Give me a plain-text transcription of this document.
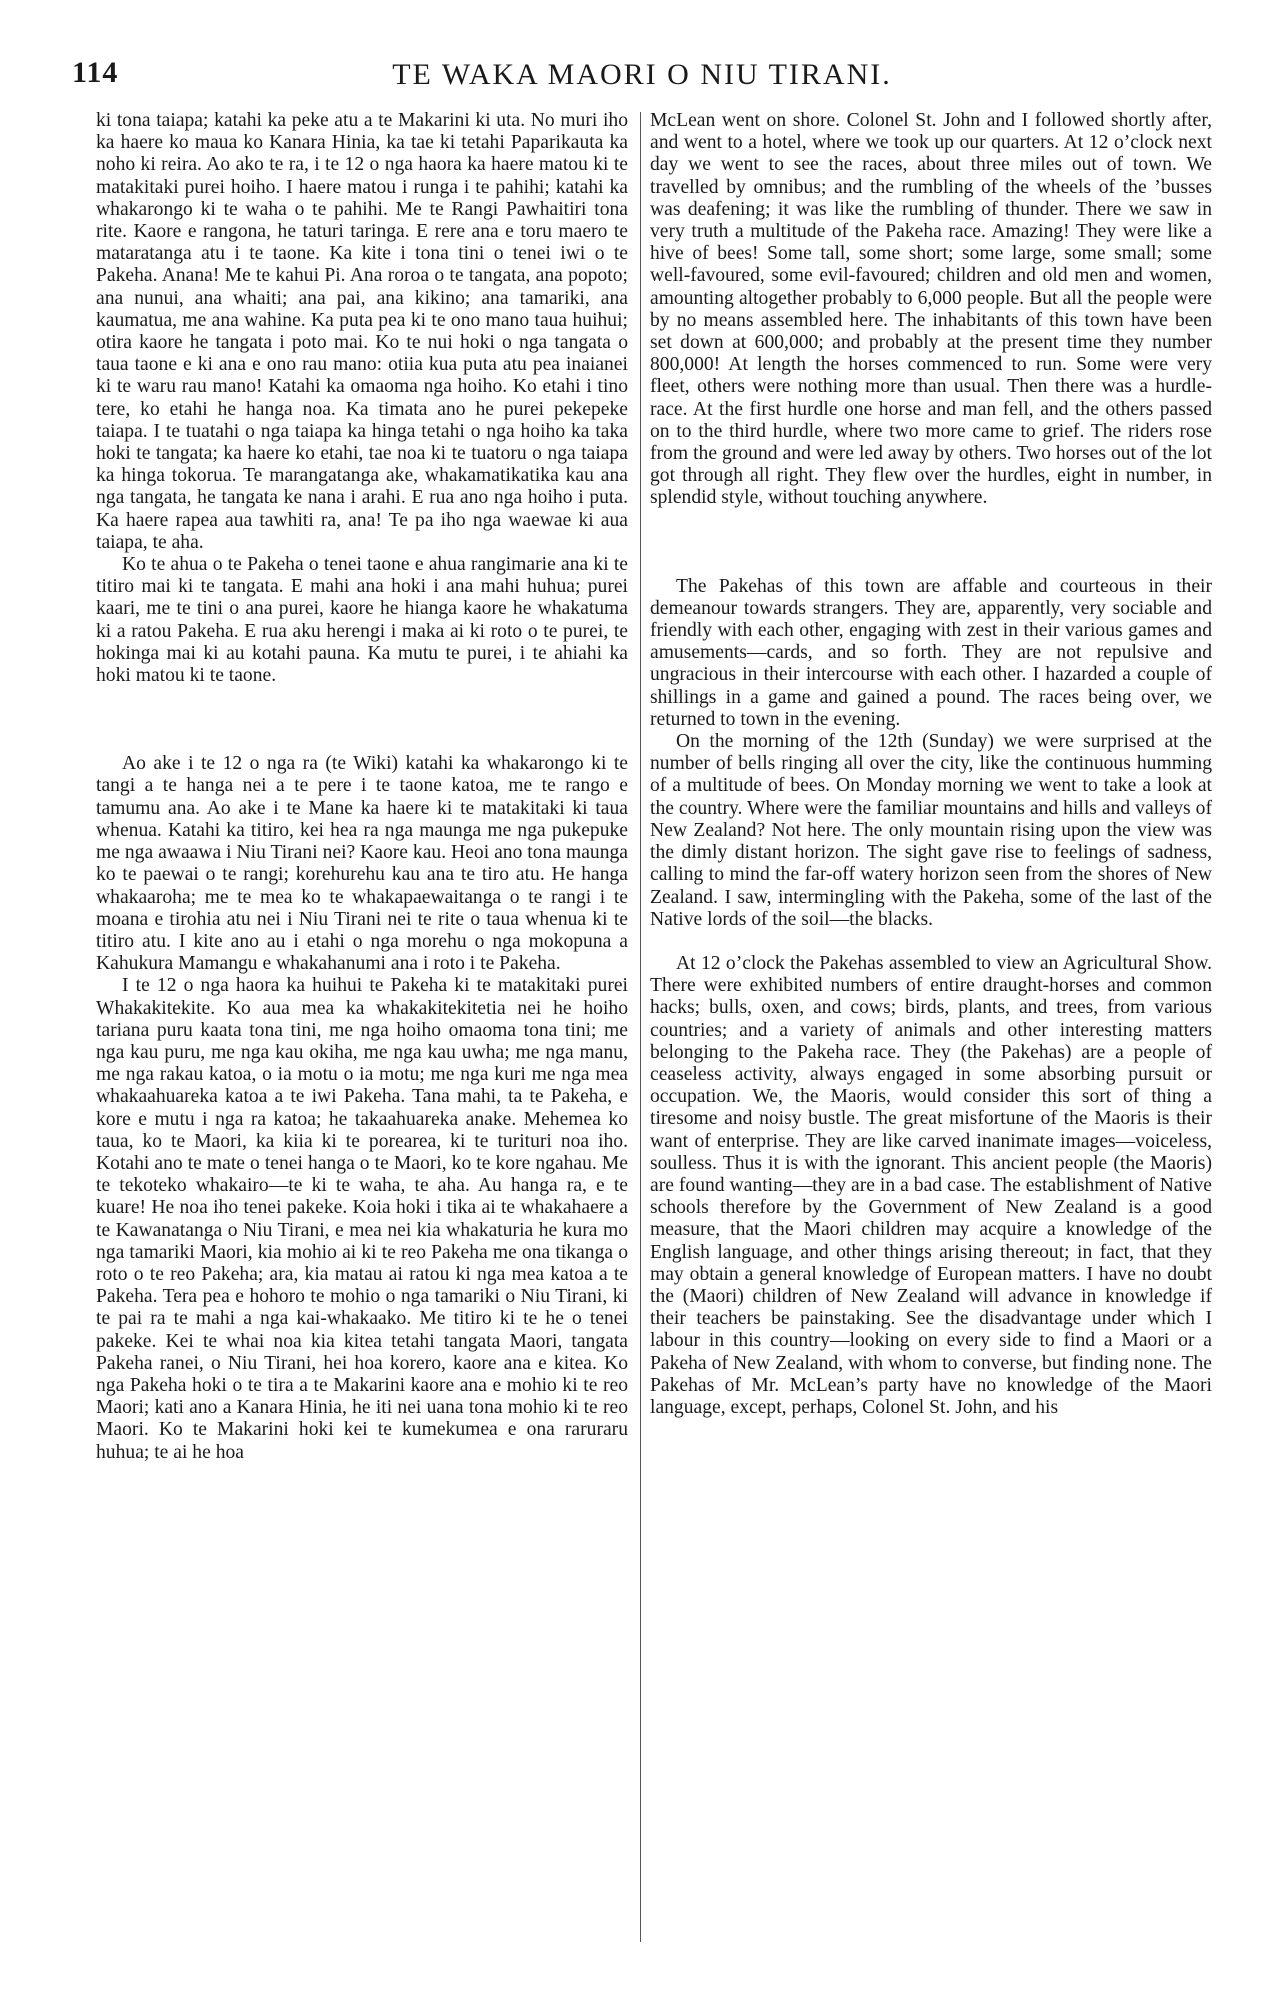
114	TE WAKA MAORI O NIU TIRANI.

ki tona taiapa; katahi ka peke atu a te Makarini ki uta. No muri iho ka haere ko maua ko Kanara Hinia, ka tae ki tetahi Paparikauta ka noho ki reira. Ao ako te ra, i te 12 o nga haora ka haere matou ki te matakitaki purei hoiho. I haere matou i runga i te pahihi; katahi ka whakarongo ki te waha o te pahihi. Me te Rangi Pawhaitiri tona rite. Kaore e rangona, he taturi taringa. E rere ana e toru maero te mataratanga atu i te taone. Ka kite i tona tini o tenei iwi o te Pakeha. Anana! Me te kahui Pi. Ana roroa o te tangata, ana popoto; ana nunui, ana whaiti; ana pai, ana kikino; ana tamariki, ana kaumatua, me ana wahine. Ka puta pea ki te ono mano taua huihui; otira kaore he tangata i poto mai. Ko te nui hoki o nga tangata o taua taone e ki ana e ono rau mano: otiia kua puta atu pea inaianei ki te waru rau mano! Katahi ka omaoma nga hoiho. Ko etahi i tino tere, ko etahi he hanga noa. Ka timata ano he purei pekepeke taiapa. I te tuatahi o nga taiapa ka hinga tetahi o nga hoiho ka taka hoki te tangata; ka haere ko etahi, tae noa ki te tuatoru o nga taiapa ka hinga tokorua. Te marangatanga ake, whakamatikatika kau ana nga tangata, he tangata ke nana i arahi. E rua ano nga hoiho i puta. Ka haere rapea aua tawhiti ra, ana! Te pa iho nga waewae ki aua taiapa, te aha.

Ko te ahua o te Pakeha o tenei taone e ahua rangimarie ana ki te titiro mai ki te tangata. E mahi ana hoki i ana mahi huhua; purei kaari, me te tini o ana purei, kaore he hianga kaore he whakatuma ki a ratou Pakeha. E rua aku herengi i maka ai ki roto o te purei, te hokinga mai ki au kotahi pauna. Ka mutu te purei, i te ahiahi ka hoki matou ki te taone.

Ao ake i te 12 o nga ra (te Wiki) katahi ka whakarongo ki te tangi a te hanga nei a te pere i te taone katoa, me te rango e tamumu ana. Ao ake i te Mane ka haere ki te matakitaki ki taua whenua. Katahi ka titiro, kei hea ra nga maunga me nga pukepuke me nga awaawa i Niu Tirani nei? Kaore kau. Heoi ano tona maunga ko te paewai o te rangi; korehurehu kau ana te tiro atu. He hanga whakaaroha; me te mea ko te whakapaewaitanga o te rangi i te moana e tirohia atu nei i Niu Tirani nei te rite o taua whenua ki te titiro atu. I kite ano au i etahi o nga morehu o nga mokopuna a Kahukura Mamangu e whakahanumi ana i roto i te Pakeha.

I te 12 o nga haora ka huihui te Pakeha ki te matakitaki purei Whakakitekite. Ko aua mea ka whakakitekitetia nei he hoiho tariana puru kaata tona tini, me nga hoiho omaoma tona tini; me nga kau puru, me nga kau okiha, me nga kau uwha; me nga manu, me nga rakau katoa, o ia motu o ia motu; me nga kuri me nga mea whakaahuareka katoa a te iwi Pakeha. Tana mahi, ta te Pakeha, e kore e mutu i nga ra katoa; he takaahuareka anake. Mehemea ko taua, ko te Maori, ka kiia ki te porearea, ki te turituri noa iho. Kotahi ano te mate o tenei hanga o te Maori, ko te kore ngahau. Me te tekoteko whakairo—te ki te waha, te aha. Au hanga ra, e te kuare! He noa iho tenei pakeke. Koia hoki i tika ai te whakahaere a te Kawanatanga o Niu Tirani, e mea nei kia whakaturia he kura mo nga tamariki Maori, kia mohio ai ki te reo Pakeha me ona tikanga o roto o te reo Pakeha; ara, kia matau ai ratou ki nga mea katoa a te Pakeha. Tera pea e hohoro te mohio o nga tamariki o Niu Tirani, ki te pai ra te mahi a nga kai-whakaako. Me titiro ki te he o tenei pakeke. Kei te whai noa kia kitea tetahi tangata Maori, tangata Pakeha ranei, o Niu Tirani, hei hoa korero, kaore ana e kitea. Ko nga Pakeha hoki o te tira a te Makarini kaore ana e mohio ki te reo Maori; kati ano a Kanara Hinia, he iti nei uana tona mohio ki te reo Maori. Ko te Makarini hoki kei te kumekumea e ona raruraru huhua; te ai he hoa

McLean went on shore. Colonel St. John and I followed shortly after, and went to a hotel, where we took up our quarters. At 12 o’clock next day we went to see the races, about three miles out of town. We travelled by omnibus; and the rumbling of the wheels of the ’busses was deafening; it was like the rumbling of thunder. There we saw in very truth a multitude of the Pakeha race. Amazing! They were like a hive of bees! Some tall, some short; some large, some small; some well-favoured, some evil-favoured; children and old men and women, amounting altogether probably to 6,000 people. But all the people were by no means assembled here. The inhabitants of this town have been set down at 600,000; and probably at the present time they number 800,000! At length the horses commenced to run. Some were very fleet, others were nothing more than usual. Then there was a hurdle-race. At the first hurdle one horse and man fell, and the others passed on to the third hurdle, where two more came to grief. The riders rose from the ground and were led away by others. Two horses out of the lot got through all right. They flew over the hurdles, eight in number, in splendid style, without touching anywhere.

The Pakehas of this town are affable and courteous in their demeanour towards strangers. They are, apparently, very sociable and friendly with each other, engaging with zest in their various games and amusements—cards, and so forth. They are not repulsive and ungracious in their intercourse with each other. I hazarded a couple of shillings in a game and gained a pound. The races being over, we returned to town in the evening.

On the morning of the 12th (Sunday) we were surprised at the number of bells ringing all over the city, like the continuous humming of a multitude of bees. On Monday morning we went to take a look at the country. Where were the familiar mountains and hills and valleys of New Zealand? Not here. The only mountain rising upon the view was the dimly distant horizon. The sight gave rise to feelings of sadness, calling to mind the far-off watery horizon seen from the shores of New Zealand. I saw, intermingling with the Pakeha, some of the last of the Native lords of the soil—the blacks.

At 12 o’clock the Pakehas assembled to view an Agricultural Show. There were exhibited numbers of entire draught-horses and common hacks; bulls, oxen, and cows; birds, plants, and trees, from various countries; and a variety of animals and other interesting matters belonging to the Pakeha race. They (the Pakehas) are a people of ceaseless activity, always engaged in some absorbing pursuit or occupation. We, the Maoris, would consider this sort of thing a tiresome and noisy bustle. The great misfortune of the Maoris is their want of enterprise. They are like carved inanimate images—voiceless, soulless. Thus it is with the ignorant. This ancient people (the Maoris) are found wanting—they are in a bad case. The establishment of Native schools therefore by the Government of New Zealand is a good measure, that the Maori children may acquire a knowledge of the English language, and other things arising thereout; in fact, that they may obtain a general knowledge of European matters. I have no doubt the (Maori) children of New Zealand will advance in knowledge if their teachers be painstaking. See the disadvantage under which I labour in this country—looking on every side to find a Maori or a Pakeha of New Zealand, with whom to converse, but finding none. The Pakehas of Mr. McLean’s party have no knowledge of the Maori language, except, perhaps, Colonel St. John, and his
